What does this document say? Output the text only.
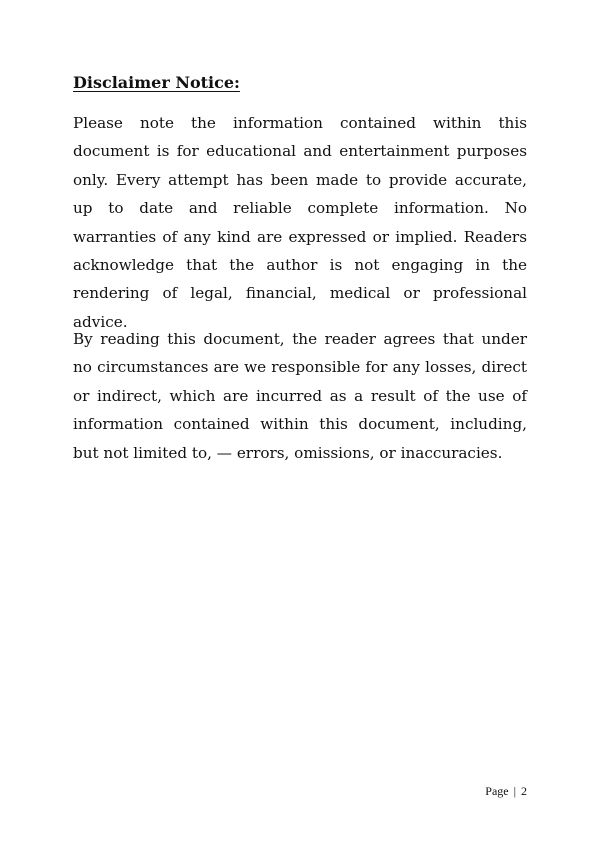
Disclaimer Notice:

Please note the information contained within this document is for educational and entertainment purposes only. Every attempt has been made to provide accurate, up to date and reliable complete information. No warranties of any kind are expressed or implied. Readers acknowledge that the author is not engaging in the rendering of legal, financial, medical or professional advice.

By reading this document, the reader agrees that under no circumstances are we responsible for any losses, direct or indirect, which are incurred as a result of the use of information contained within this document, including, but not limited to, — errors, omissions, or inaccuracies.

Page | 2
